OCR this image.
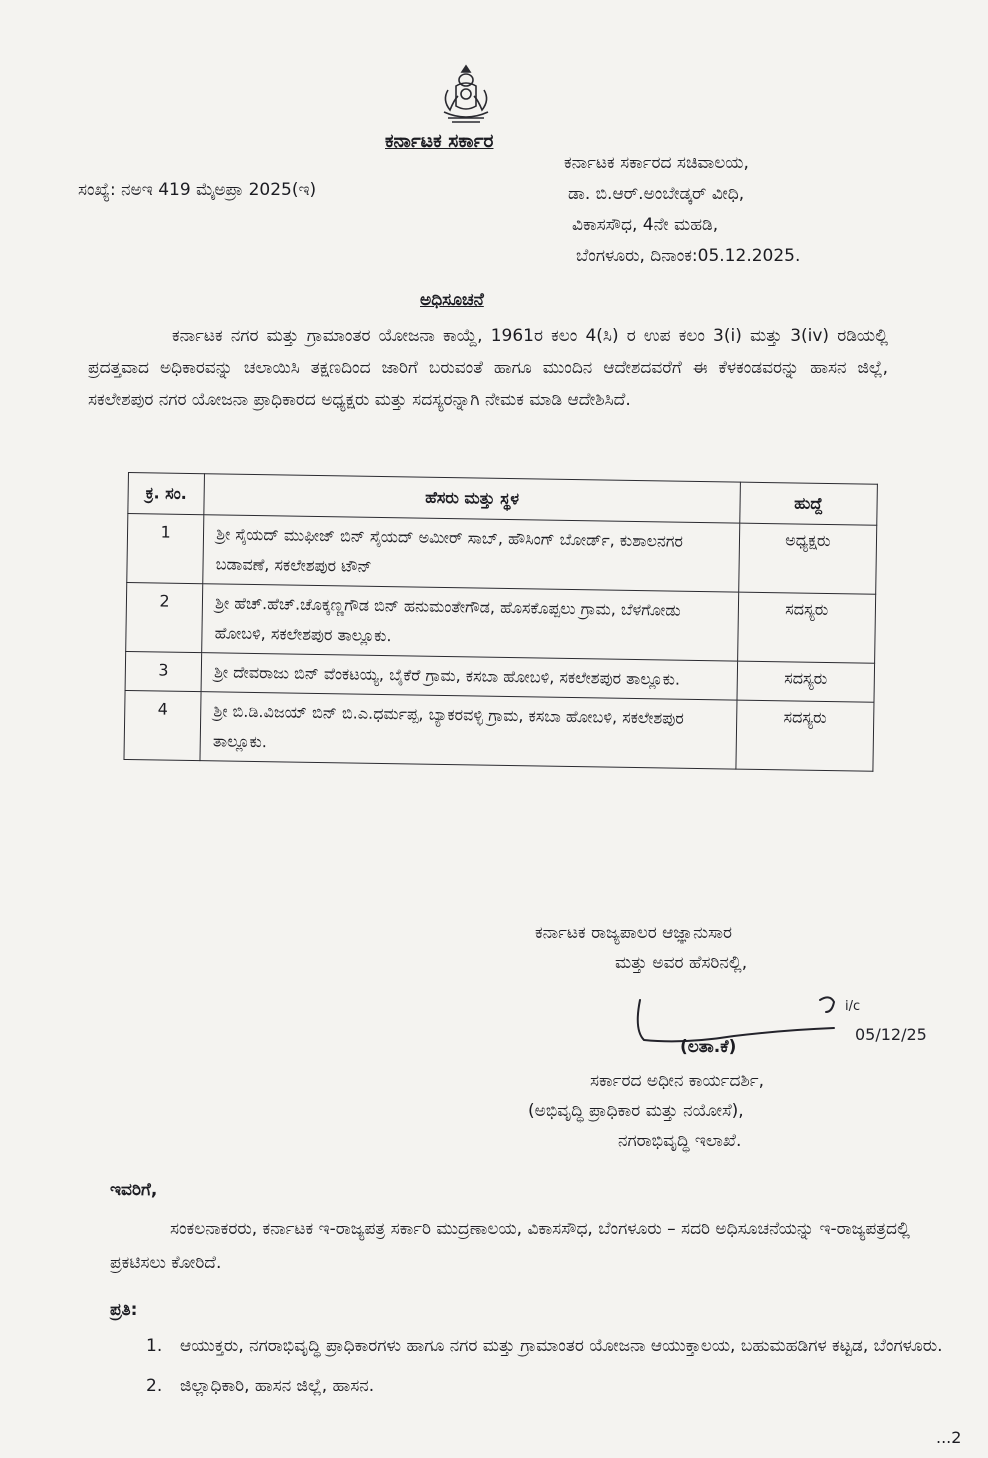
ಕರ್ನಾಟಕ ಸರ್ಕಾರ
ಸಂಖ್ಯೆ: ನಅಇ 419 ಮೈಅಪ್ರಾ 2025(ಇ)
ಕರ್ನಾಟಕ ಸರ್ಕಾರದ ಸಚಿವಾಲಯ,
ಡಾ. ಬಿ.ಆರ್.ಅಂಬೇಡ್ಕರ್ ವೀಧಿ,
ವಿಕಾಸಸೌಧ, 4ನೇ ಮಹಡಿ,
ಬೆಂಗಳೂರು, ದಿನಾಂಕ:05.12.2025.
ಅಧಿಸೂಚನೆ
ಕರ್ನಾಟಕ ನಗರ ಮತ್ತು ಗ್ರಾಮಾಂತರ ಯೋಜನಾ ಕಾಯ್ದೆ, 1961ರ ಕಲಂ 4(ಸಿ) ರ ಉಪ ಕಲಂ 3(i) ಮತ್ತು 3(iv) ರಡಿಯಲ್ಲಿ ಪ್ರದತ್ತವಾದ ಅಧಿಕಾರವನ್ನು ಚಲಾಯಿಸಿ ತಕ್ಷಣದಿಂದ ಜಾರಿಗೆ ಬರುವಂತೆ ಹಾಗೂ ಮುಂದಿನ ಆದೇಶದವರೆಗೆ ಈ ಕೆಳಕಂಡವರನ್ನು ಹಾಸನ ಜಿಲ್ಲೆ, ಸಕಲೇಶಪುರ ನಗರ ಯೋಜನಾ ಪ್ರಾಧಿಕಾರದ ಅಧ್ಯಕ್ಷರು ಮತ್ತು ಸದಸ್ಯರನ್ನಾಗಿ ನೇಮಕ ಮಾಡಿ ಆದೇಶಿಸಿದೆ.
ಕ್ರ. ಸಂ.	ಹೆಸರು ಮತ್ತು ಸ್ಥಳ	ಹುದ್ದೆ
1	ಶ್ರೀ ಸೈಯದ್ ಮುಫೀಜ್ ಬಿನ್ ಸೈಯದ್ ಅಮೀರ್ ಸಾಬ್, ಹೌಸಿಂಗ್ ಬೋರ್ಡ್, ಕುಶಾಲನಗರ ಬಡಾವಣೆ, ಸಕಲೇಶಪುರ ಟೌನ್	ಅಧ್ಯಕ್ಷರು
2	ಶ್ರೀ ಹೆಚ್.ಹೆಚ್.ಚೊಕ್ಕಣ್ಣಗೌಡ ಬಿನ್ ಹನುಮಂತೇಗೌಡ, ಹೊಸಕೊಪ್ಪಲು ಗ್ರಾಮ, ಬೆಳಗೋಡು ಹೋಬಳಿ, ಸಕಲೇಶಪುರ ತಾಲ್ಲೂಕು.	ಸದಸ್ಯರು
3	ಶ್ರೀ ದೇವರಾಜು ಬಿನ್ ವೆಂಕಟಯ್ಯ, ಬೈಕೆರೆ ಗ್ರಾಮ, ಕಸಬಾ ಹೋಬಳಿ, ಸಕಲೇಶಪುರ ತಾಲ್ಲೂಕು.	ಸದಸ್ಯರು
4	ಶ್ರೀ ಬಿ.ಡಿ.ವಿಜಯ್ ಬಿನ್ ಬಿ.ಎ.ಧರ್ಮಪ್ಪ, ಬ್ಯಾಕರವಳ್ಳಿ ಗ್ರಾಮ, ಕಸಬಾ ಹೋಬಳಿ, ಸಕಲೇಶಪುರ ತಾಲ್ಲೂಕು.	ಸದಸ್ಯರು
ಕರ್ನಾಟಕ ರಾಜ್ಯಪಾಲರ ಆಜ್ಞಾನುಸಾರ
ಮತ್ತು ಅವರ ಹೆಸರಿನಲ್ಲಿ,
i/c
05/12/25
(ಲತಾ.ಕೆ)
ಸರ್ಕಾರದ ಅಧೀನ ಕಾರ್ಯದರ್ಶಿ,
(ಅಭಿವೃದ್ಧಿ ಪ್ರಾಧಿಕಾರ ಮತ್ತು ನಯೋಸೆ),
ನಗರಾಭಿವೃದ್ಧಿ ಇಲಾಖೆ.
ಇವರಿಗೆ,
ಸಂಕಲನಾಕರರು, ಕರ್ನಾಟಕ ಇ-ರಾಜ್ಯಪತ್ರ ಸರ್ಕಾರಿ ಮುದ್ರಣಾಲಯ, ವಿಕಾಸಸೌಧ, ಬೆಂಗಳೂರು – ಸದರಿ ಅಧಿಸೂಚನೆಯನ್ನು ಇ-ರಾಜ್ಯಪತ್ರದಲ್ಲಿ ಪ್ರಕಟಿಸಲು ಕೋರಿದೆ.
ಪ್ರತಿ:
1.	ಆಯುಕ್ತರು, ನಗರಾಭಿವೃದ್ಧಿ ಪ್ರಾಧಿಕಾರಗಳು ಹಾಗೂ ನಗರ ಮತ್ತು ಗ್ರಾಮಾಂತರ ಯೋಜನಾ ಆಯುಕ್ತಾಲಯ, ಬಹುಮಹಡಿಗಳ ಕಟ್ಟಡ, ಬೆಂಗಳೂರು.
2.	ಜಿಲ್ಲಾಧಿಕಾರಿ, ಹಾಸನ ಜಿಲ್ಲೆ, ಹಾಸನ.
...2
